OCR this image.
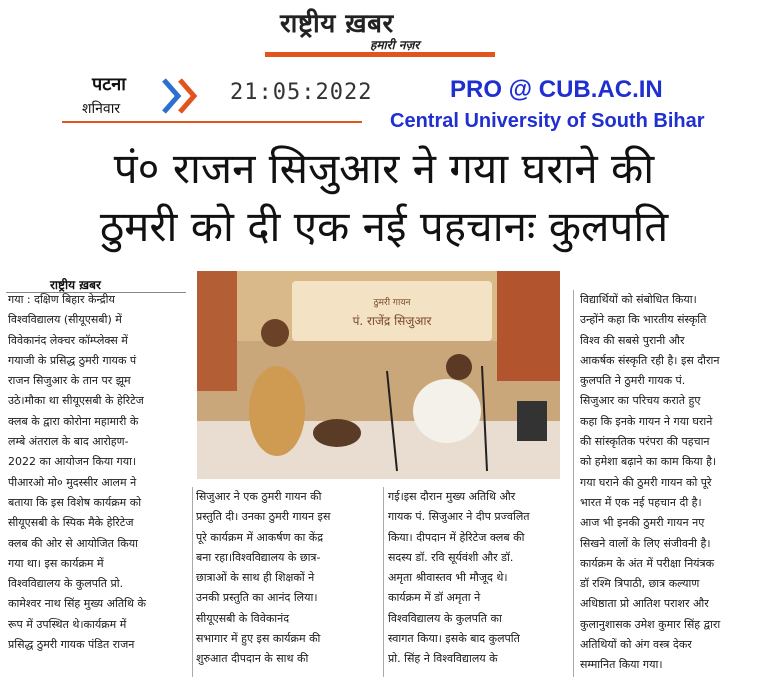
राष्ट्रीय ख़बर
हमारी नज़र
पटना
शनिवार
21:05:2022	PRO @ CUB.AC.IN
Central University of South Bihar
पं० राजन सिजुआर ने गया घराने की
ठुमरी को दी एक नई पहचानः कुलपति
राष्ट्रीय ख़बर
ठुमरी गायन
पं. राजेंद्र सिजुआर
गया : दक्षिण बिहार केन्द्रीय
विश्वविद्यालय (सीयूएसबी) में
विवेकानंद लेक्चर कॉम्प्लेक्स में
गयाजी के प्रसिद्ध ठुमरी गायक पं
राजन सिजुआर के तान पर झूम
उठे।मौका था सीयूएसबी के हेरिटेज
क्लब के द्वारा कोरोना महामारी के
लम्बे अंतराल के बाद आरोहण-
2022 का आयोजन किया गया।
पीआरओ मो० मुदस्सीर आलम ने
बताया कि इस विशेष कार्यक्रम को
सीयूएसबी के स्पिक मैके हेरिटेज
क्लब की ओर से आयोजित किया
गया था। इस कार्यक्रम में
विश्वविद्यालय के कुलपति प्रो.
कामेश्वर नाथ सिंह मुख्य अतिथि के
रूप में उपस्थित थे।कार्यक्रम में
प्रसिद्ध ठुमरी गायक पंडित राजन
सिजुआर ने एक ठुमरी गायन की
प्रस्तुति दी। उनका ठुमरी गायन इस
पूरे कार्यक्रम में आकर्षण का केंद्र
बना रहा।विश्वविद्यालय के छात्र-
छात्राओं के साथ ही शिक्षकों ने
उनकी प्रस्तुति का आनंद लिया।
सीयूएसबी के विवेकानंद
सभागार में हुए इस कार्यक्रम की
शुरुआत दीपदान के साथ की
गई।इस दौरान मुख्य अतिथि और
गायक पं. सिजुआर ने दीप प्रज्वलित
किया। दीपदान में हेरिटेज क्लब की
सदस्य डॉ. रवि सूर्यवंशी और डॉ.
अमृता श्रीवास्तव भी मौजूद थे।
कार्यक्रम में डॉ अमृता ने
विश्वविद्यालय के कुलपति का
स्वागत किया। इसके बाद कुलपति
प्रो. सिंह ने विश्वविद्यालय के
विद्यार्थियों को संबोधित किया।
उन्होंने कहा कि भारतीय संस्कृति
विश्व की सबसे पुरानी और
आकर्षक संस्कृति रही है। इस दौरान
कुलपति ने ठुमरी गायक पं.
सिजुआर का परिचय कराते हुए
कहा कि इनके गायन ने गया घराने
की सांस्कृतिक परंपरा की पहचान
को हमेशा बढ़ाने का काम किया है।
गया घराने की ठुमरी गायन को पूरे
भारत में एक नई पहचान दी है।
आज भी इनकी ठुमरी गायन नए
सिखने वालों के लिए संजीवनी है।
कार्यक्रम के अंत में परीक्षा नियंत्रक
डॉ रश्मि त्रिपाठी, छात्र कल्याण
अधिष्ठाता प्रो आतिश पराशर और
कुलानुशासक उमेश कुमार सिंह द्वारा
अतिथियों को अंग वस्त्र देकर
सम्मानित किया गया।
